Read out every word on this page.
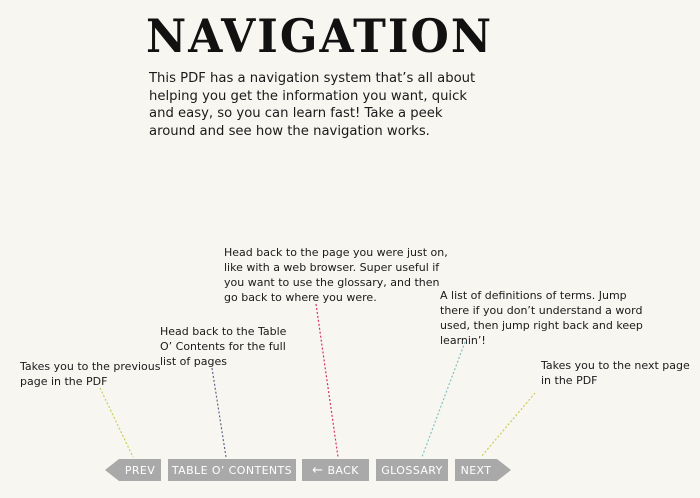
NAVIGATION
This PDF has a navigation system that’s all about helping you get the information you want, quick and easy, so you can learn fast! Take a peek around and see how the navigation works.
Head back to the page you were just on, like with a web browser. Super useful if you want to use the glossary, and then go back to where you were.	A list of definitions of terms. Jump there if you don’t understand a word used, then jump right back and keep learnin’!
Head back to the Table O’ Contents for the full list of pages
Takes you to the previous page in the PDF
Takes you to the next page in the PDF
PREV TABLE O’ CONTENTS ← BACK GLOSSARY NEXT
